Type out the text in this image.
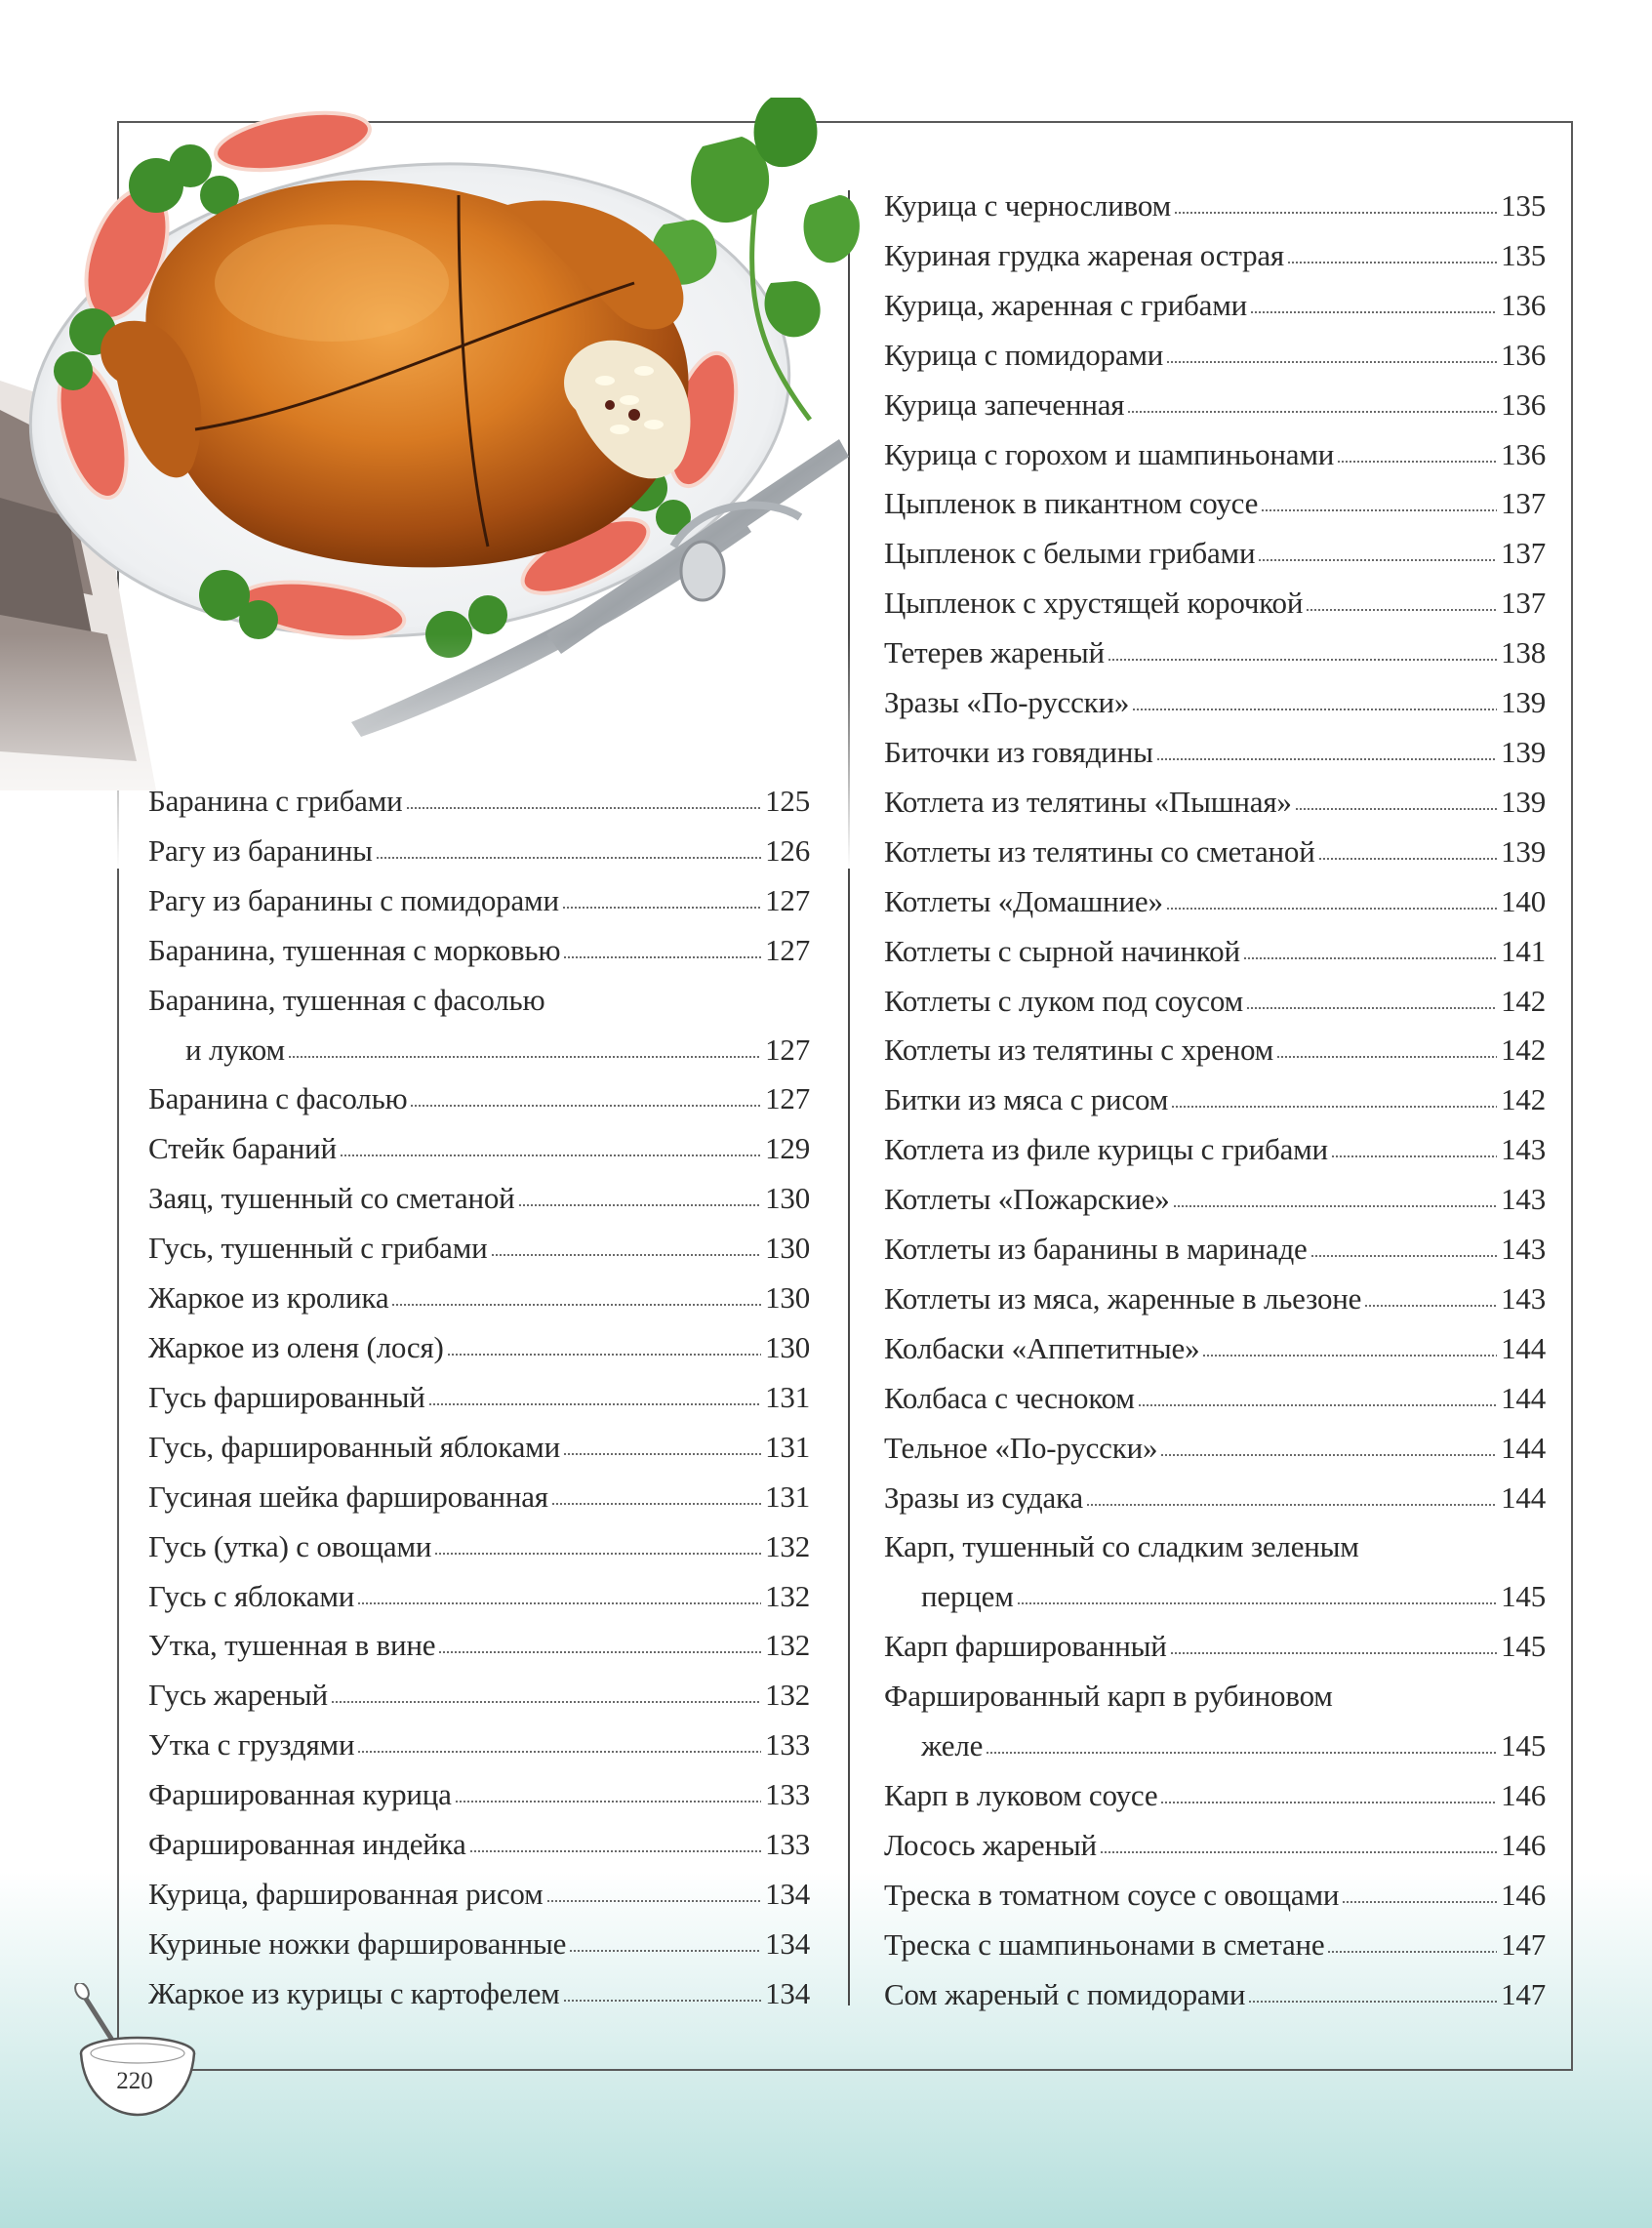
Баранина с грибами	125
Рагу из баранины	126
Рагу из баранины с помидорами	127
Баранина, тушенная с морковью	127
Баранина, тушенная с фасолью
и луком	127
Баранина с фасолью	127
Стейк бараний	129
Заяц, тушенный со сметаной	130
Гусь, тушенный с грибами	130
Жаркое из кролика	130
Жаркое из оленя (лося)	130
Гусь фаршированный	131
Гусь, фаршированный яблоками	131
Гусиная шейка фаршированная	131
Гусь (утка) с овощами	132
Гусь с яблоками	132
Утка, тушенная в вине	132
Гусь жареный	132
Утка с груздями	133
Фаршированная курица	133
Фаршированная индейка	133
Курица, фаршированная рисом	134
Куриные ножки фаршированные	134
Жаркое из курицы с картофелем	134
Курица с черносливом	135
Куриная грудка жареная острая	135
Курица, жаренная с грибами	136
Курица с помидорами	136
Курица запеченная	136
Курица с горохом и шампиньонами	136
Цыпленок в пикантном соусе	137
Цыпленок с белыми грибами	137
Цыпленок с хрустящей корочкой	137
Тетерев жареный	138
Зразы «По-русски»	139
Биточки из говядины	139
Котлета из телятины «Пышная»	139
Котлеты из телятины со сметаной	139
Котлеты «Домашние»	140
Котлеты с сырной начинкой	141
Котлеты с луком под соусом	142
Котлеты из телятины с хреном	142
Битки из мяса с рисом	142
Котлета из филе курицы с грибами	143
Котлеты «Пожарские»	143
Котлеты из баранины в маринаде	143
Котлеты из мяса, жаренные в льезоне	143
Колбаски «Аппетитные»	144
Колбаса с чесноком	144
Тельное «По-русски»	144
Зразы из судака	144
Карп, тушенный со сладким зеленым
перцем	145
Карп фаршированный	145
Фаршированный карп в рубиновом
желе	145
Карп в луковом соусе	146
Лосось жареный	146
Треска в томатном соусе с овощами	146
Треска с шампиньонами в сметане	147
Сом жареный с помидорами	147
220
